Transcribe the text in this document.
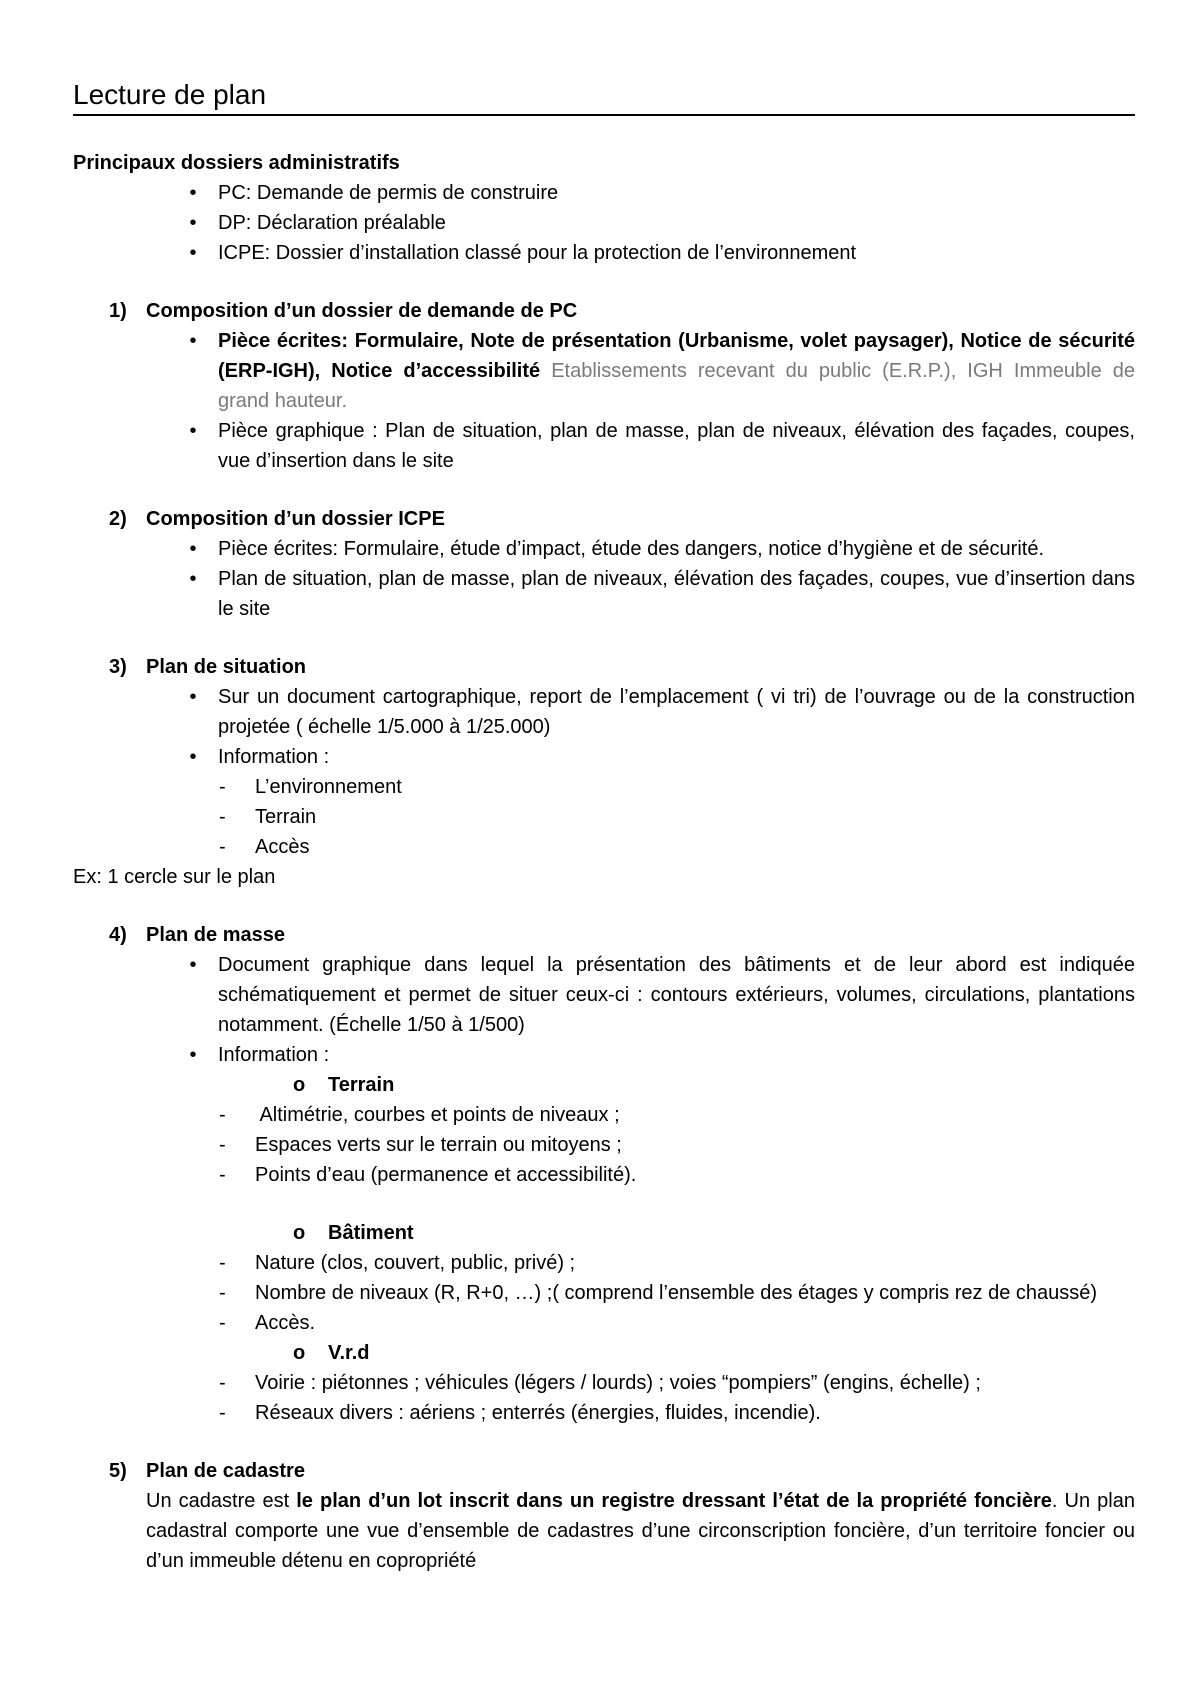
Lecture de plan
Principaux dossiers administratifs
• PC: Demande de permis de construire
• DP: Déclaration préalable
• ICPE: Dossier d’installation classé pour la protection de l’environnement
1) Composition d’un dossier de demande de PC
• Pièce écrites: Formulaire, Note de présentation (Urbanisme, volet paysager), Notice de sécurité (ERP-IGH), Notice d’accessibilité Etablissements recevant du public (E.R.P.), IGH Immeuble de grand hauteur.
• Pièce graphique : Plan de situation, plan de masse, plan de niveaux, élévation des façades, coupes, vue d’insertion dans le site
2) Composition d’un dossier ICPE
• Pièce écrites: Formulaire, étude d’impact, étude des dangers, notice d’hygiène et de sécurité.
• Plan de situation, plan de masse, plan de niveaux, élévation des façades, coupes, vue d’insertion dans le site
3) Plan de situation
• Sur un document cartographique, report de l’emplacement ( vi tri) de l’ouvrage ou de la construction projetée ( échelle 1/5.000 à 1/25.000)
• Information :
- L’environnement
- Terrain
- Accès
Ex: 1 cercle sur le plan
4) Plan de masse
• Document graphique dans lequel la présentation des bâtiments et de leur abord est indiquée schématiquement et permet de situer ceux-ci : contours extérieurs, volumes, circulations, plantations notamment. (Échelle 1/50 à 1/500)
• Information :
o Terrain
- Altimétrie, courbes et points de niveaux ;
- Espaces verts sur le terrain ou mitoyens ;
- Points d’eau (permanence et accessibilité).
o Bâtiment
- Nature (clos, couvert, public, privé) ;
- Nombre de niveaux (R, R+0, …) ;( comprend l’ensemble des étages y compris rez de chaussé)
- Accès.
o V.r.d
- Voirie : piétonnes ; véhicules (légers / lourds) ; voies “pompiers” (engins, échelle) ;
- Réseaux divers : aériens ; enterrés (énergies, fluides, incendie).
5) Plan de cadastre
Un cadastre est le plan d’un lot inscrit dans un registre dressant l’état de la propriété foncière. Un plan cadastral comporte une vue d’ensemble de cadastres d’une circonscription foncière, d’un territoire foncier ou d’un immeuble détenu en copropriété
